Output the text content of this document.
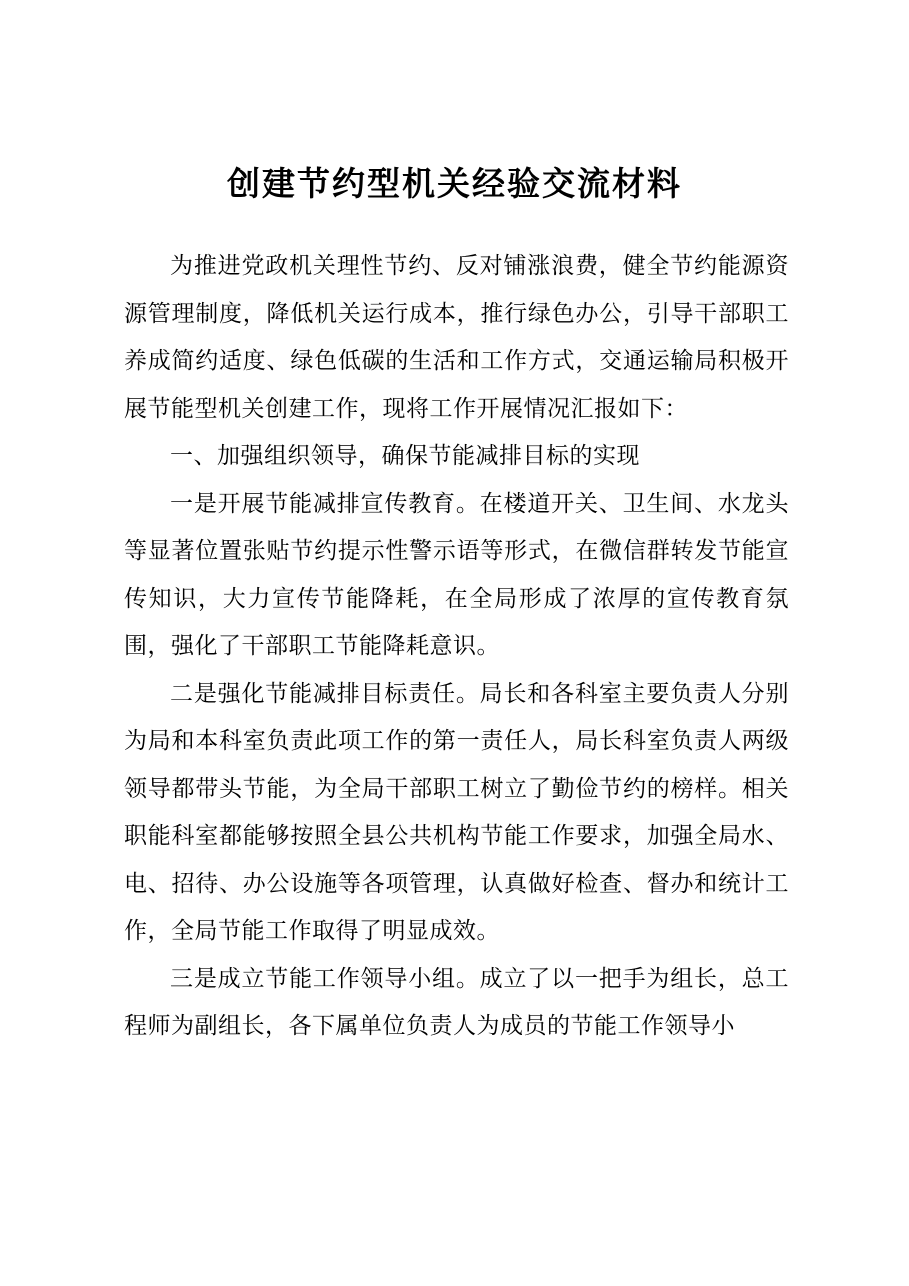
创建节约型机关经验交流材料

为推进党政机关理性节约、反对铺涨浪费，健全节约能源资源管理制度，降低机关运行成本，推行绿色办公，引导干部职工养成简约适度、绿色低碳的生活和工作方式，交通运输局积极开展节能型机关创建工作，现将工作开展情况汇报如下：

一、加强组织领导，确保节能减排目标的实现

一是开展节能减排宣传教育。在楼道开关、卫生间、水龙头等显著位置张贴节约提示性警示语等形式，在微信群转发节能宣传知识，大力宣传节能降耗，在全局形成了浓厚的宣传教育氛围，强化了干部职工节能降耗意识。

二是强化节能减排目标责任。局长和各科室主要负责人分别为局和本科室负责此项工作的第一责任人，局长科室负责人两级领导都带头节能，为全局干部职工树立了勤俭节约的榜样。相关职能科室都能够按照全县公共机构节能工作要求，加强全局水、电、招待、办公设施等各项管理，认真做好检查、督办和统计工作，全局节能工作取得了明显成效。

三是成立节能工作领导小组。成立了以一把手为组长，总工程师为副组长，各下属单位负责人为成员的节能工作领导小
